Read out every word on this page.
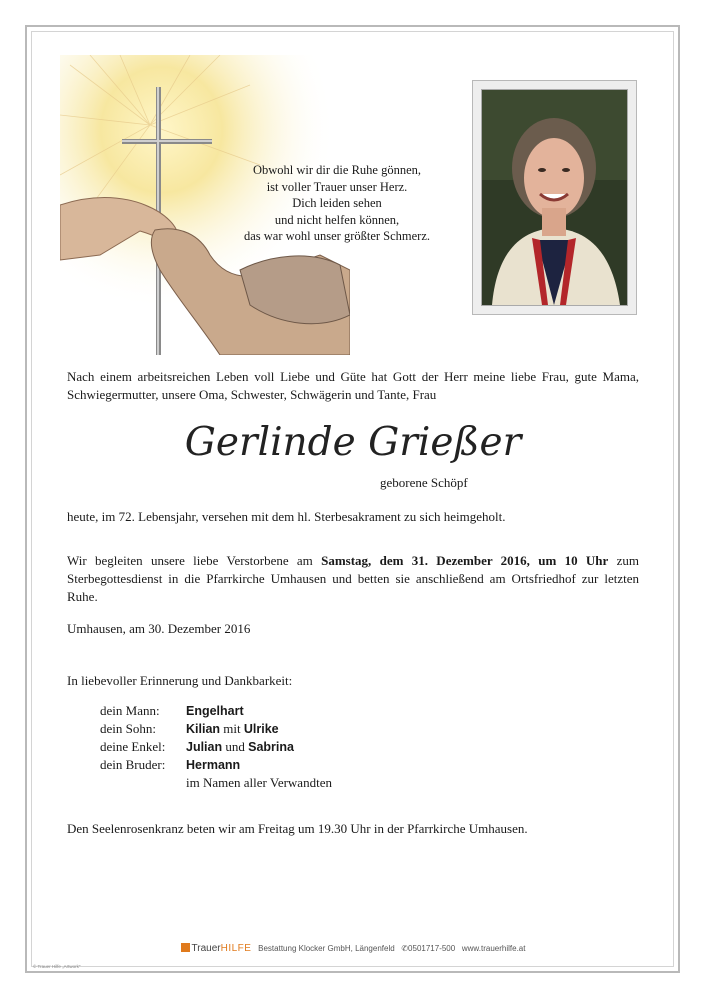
Obwohl wir dir die Ruhe gönnen,
ist voller Trauer unser Herz.
Dich leiden sehen
und nicht helfen können,
das war wohl unser größter Schmerz.
Nach einem arbeitsreichen Leben voll Liebe und Güte hat Gott der Herr meine liebe Frau, gute Mama, Schwiegermutter, unsere Oma, Schwester, Schwägerin und Tante, Frau
Gerlinde Grießer
geborene Schöpf
heute, im 72. Lebensjahr, versehen mit dem hl. Sterbesakrament zu sich heimgeholt.
Wir begleiten unsere liebe Verstorbene am Samstag, dem 31. Dezember 2016, um 10 Uhr zum Sterbegottesdienst in die Pfarrkirche Umhausen und betten sie anschließend am Ortsfriedhof zur letzten Ruhe.
Umhausen, am 30. Dezember 2016
In liebevoller Erinnerung und Dankbarkeit:
dein Mann:	Engelhart
dein Sohn:	Kilian mit Ulrike
deine Enkel:	Julian und Sabrina
dein Bruder:	Hermann
im Namen aller Verwandten
Den Seelenrosenkranz beten wir am Freitag um 19.30 Uhr in der Pfarrkirche Umhausen.
TrauerHILFE Bestattung Klocker GmbH, Längenfeld ✆0501717-500 www.trauerhilfe.at
© Trauer Hilfe „Artwork"
